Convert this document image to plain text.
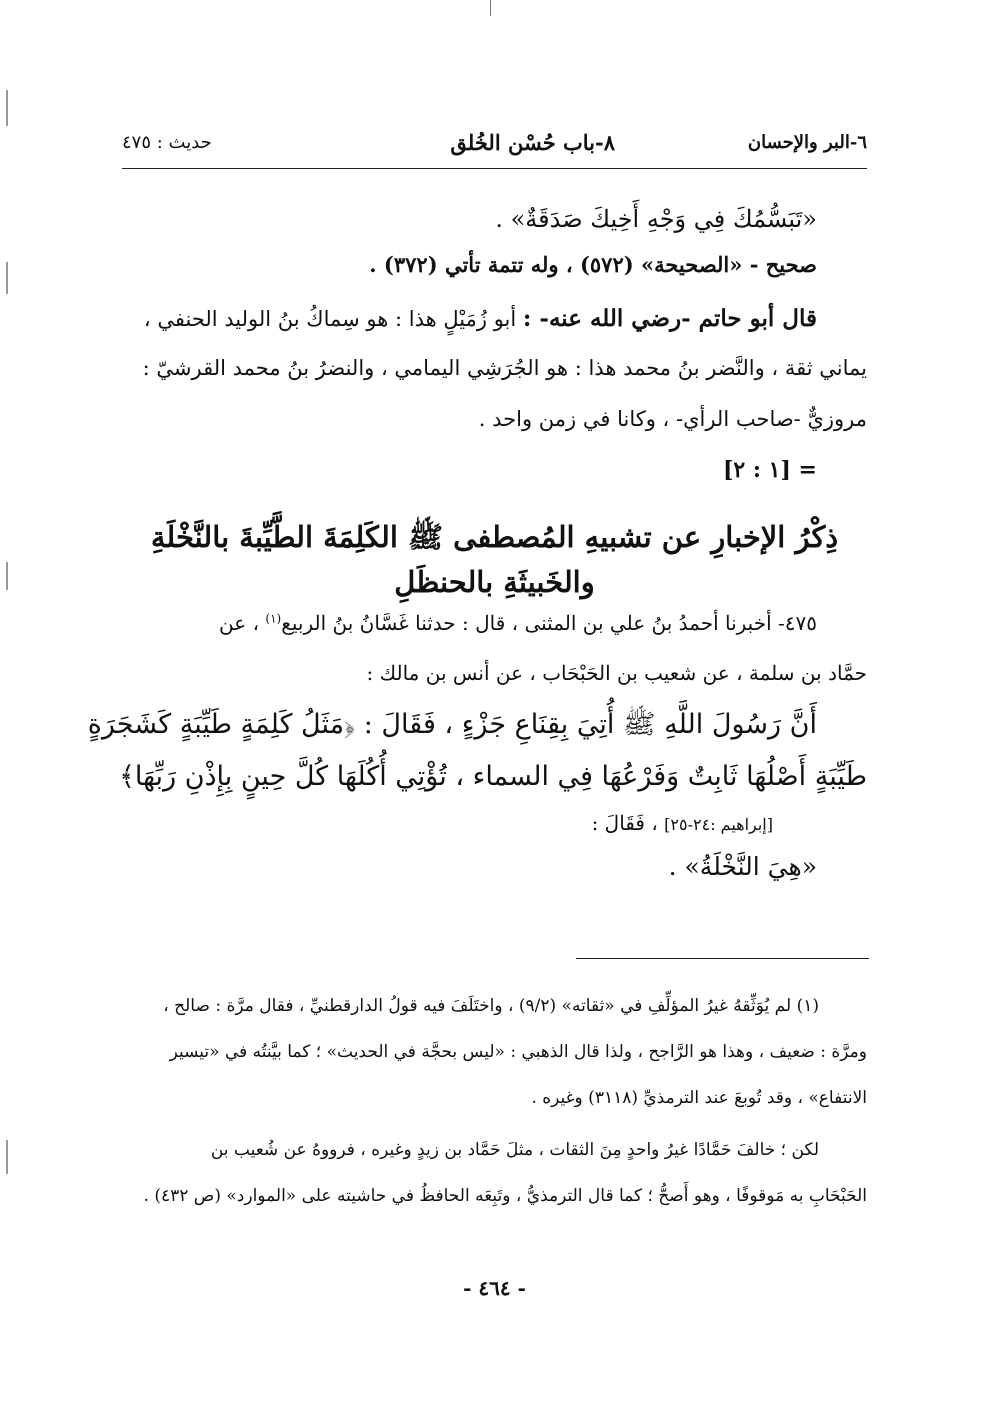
٦-البر والإحسان
٨-باب حُسْن الخُلق
حديث : ٤٧٥

«تَبَسُّمُكَ فِي وَجْهِ أَخِيكَ صَدَقَةٌ» .

صحيح - «الصحيحة» (٥٧٢) ، وله تتمة تأتي (٣٧٢) .

قال أبو حاتم -رضي الله عنه- : أبو زُمَيْلٍ هذا : هو سِماكُ بنُ الوليد الحنفي ،

يماني ثقة ، والنَّضر بنُ محمد هذا : هو الجُرَشِي اليمامي ، والنضرُ بنُ محمد القرشيّ :

مروزيٌّ -صاحب الرأي- ، وكانا في زمن واحد .

= [١ : ٢]

ذِكْرُ الإخبارِ عن تشبيهِ المُصطفى ﷺ الكَلِمَةَ الطَّيِّبةَ بالنَّخْلَةِ
والخَبيثَةِ بالحنظَلِ

٤٧٥- أخبرنا أحمدُ بنُ علي بن المثنى ، قال : حدثنا غَسَّانُ بنُ الربيع$^{(١)}$ ، عن

حمَّاد بن سلمة ، عن شعيب بن الحَبْحَاب ، عن أنس بن مالك :

أَنَّ رَسُولَ اللَّهِ ﷺ أُتِيَ بِقِنَاعِ جَزْءٍ ، فَقَالَ : ﴿مَثَلُ كَلِمَةٍ طَيِّبَةٍ كَشَجَرَةٍ

طَيِّبَةٍ أَصْلُهَا ثَابِتٌ وَفَرْعُهَا فِي السماء ، تُؤْتِي أُكُلَهَا كُلَّ حِينٍ بِإِذْنِ رَبِّهَا﴾

[إبراهيم :٢٤-٢٥] ، فَقَالَ :

«هِيَ النَّخْلَةُ» .

(١) لم يُوَثِّقهُ غيرُ المؤلِّفِ في «ثقاته» (٩/٢) ، واختَلَفَ فيه قولُ الدارقطنيِّ ، فقال مرَّة : صالح ،
ومرَّة : ضعيف ، وهذا هو الرَّاجح ، ولذا قال الذهبي : «ليس بحجَّة في الحديث» ؛ كما بيَّنتُه في «تيسير
الانتفاع» ، وقد تُوبعَ عند الترمذيِّ (٣١١٨) وغيره .
لكن ؛ خالفَ حَمَّادًا غيرُ واحدٍ مِنَ الثقات ، مثلَ حَمَّاد بن زيدٍ وغيره ، فرووهُ عن شُعيب بن
الحَبْحَابِ به مَوقوفًا ، وهو أَصحُّ ؛ كما قال الترمذيُّ ، وتَبِعَه الحافظُ في حاشيته على «الموارد» (ص ٤٣٢) .
- ٤٦٤ -
